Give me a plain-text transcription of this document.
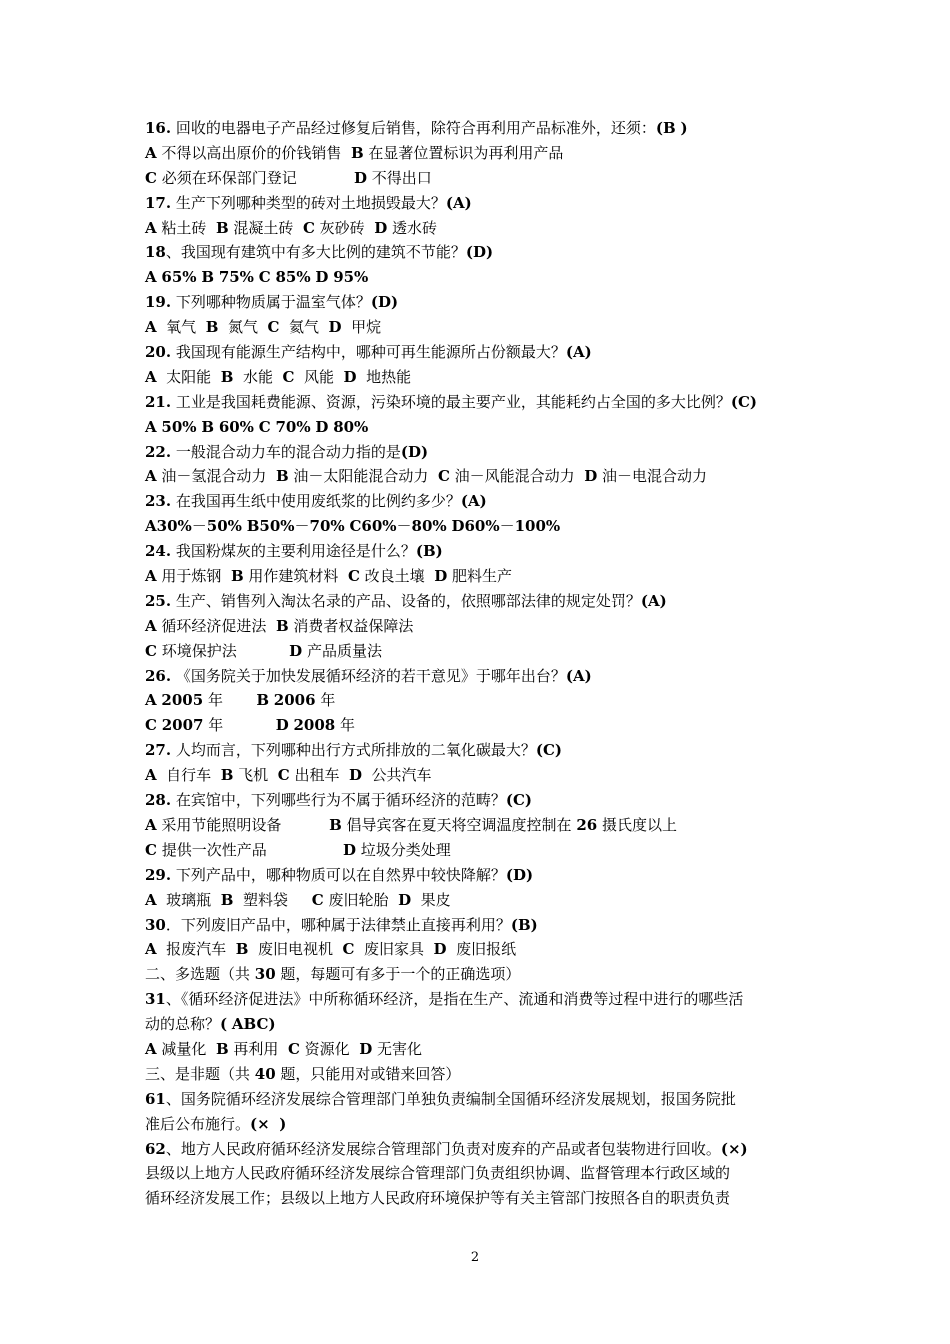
16. 回收的电器电子产品经过修复后销售，除符合再利用产品标准外，还须：(B )
A 不得以高出原价的价钱销售  B 在显著位置标识为再利用产品
C 必须在环保部门登记            D 不得出口
17. 生产下列哪种类型的砖对土地损毁最大？(A)
A 粘土砖  B 混凝土砖  C 灰砂砖  D 透水砖
18、我国现有建筑中有多大比例的建筑不节能？(D)
A 65% B 75% C 85% D 95%
19. 下列哪种物质属于温室气体？(D)
A  氧气  B  氮气  C  氦气  D  甲烷
20. 我国现有能源生产结构中，哪种可再生能源所占份额最大？(A)
A  太阳能  B  水能  C  风能  D  地热能
21. 工业是我国耗费能源、资源，污染环境的最主要产业，其能耗约占全国的多大比例？(C)
A 50% B 60% C 70% D 80%
22. 一般混合动力车的混合动力指的是(D)
A 油－氢混合动力  B 油－太阳能混合动力  C 油－风能混合动力  D 油－电混合动力
23. 在我国再生纸中使用废纸浆的比例约多少？(A)
A30%－50% B50%－70% C60%－80% D60%－100%
24. 我国粉煤灰的主要利用途径是什么？(B)
A 用于炼钢  B 用作建筑材料  C 改良土壤  D 肥料生产
25. 生产、销售列入淘汰名录的产品、设备的，依照哪部法律的规定处罚？(A)
A 循环经济促进法  B 消费者权益保障法
C 环境保护法           D 产品质量法
26. 《国务院关于加快发展循环经济的若干意见》于哪年出台？(A)
A 2005 年       B 2006 年
C 2007 年           D 2008 年
27. 人均而言，下列哪种出行方式所排放的二氧化碳最大？(C)
A  自行车  B 飞机  C 出租车  D  公共汽车
28. 在宾馆中，下列哪些行为不属于循环经济的范畴？(C)
A 采用节能照明设备          B 倡导宾客在夏天将空调温度控制在 26 摄氏度以上
C 提供一次性产品                D 垃圾分类处理
29. 下列产品中，哪种物质可以在自然界中较快降解？(D)
A  玻璃瓶  B  塑料袋     C 废旧轮胎  D  果皮
30．下列废旧产品中，哪种属于法律禁止直接再利用？(B)
A  报废汽车  B  废旧电视机  C  废旧家具  D  废旧报纸
二、多选题（共 30 题，每题可有多于一个的正确选项）
31、《循环经济促进法》中所称循环经济，是指在生产、流通和消费等过程中进行的哪些活
动的总称？( ABC)
A 减量化  B 再利用  C 资源化  D 无害化
三、是非题（共 40 题，只能用对或错来回答）
61、国务院循环经济发展综合管理部门单独负责编制全国循环经济发展规划，报国务院批
准后公布施行。(× )
62、地方人民政府循环经济发展综合管理部门负责对废弃的产品或者包装物进行回收。(×)
县级以上地方人民政府循环经济发展综合管理部门负责组织协调、监督管理本行政区域的
循环经济发展工作；县级以上地方人民政府环境保护等有关主管部门按照各自的职责负责
2
